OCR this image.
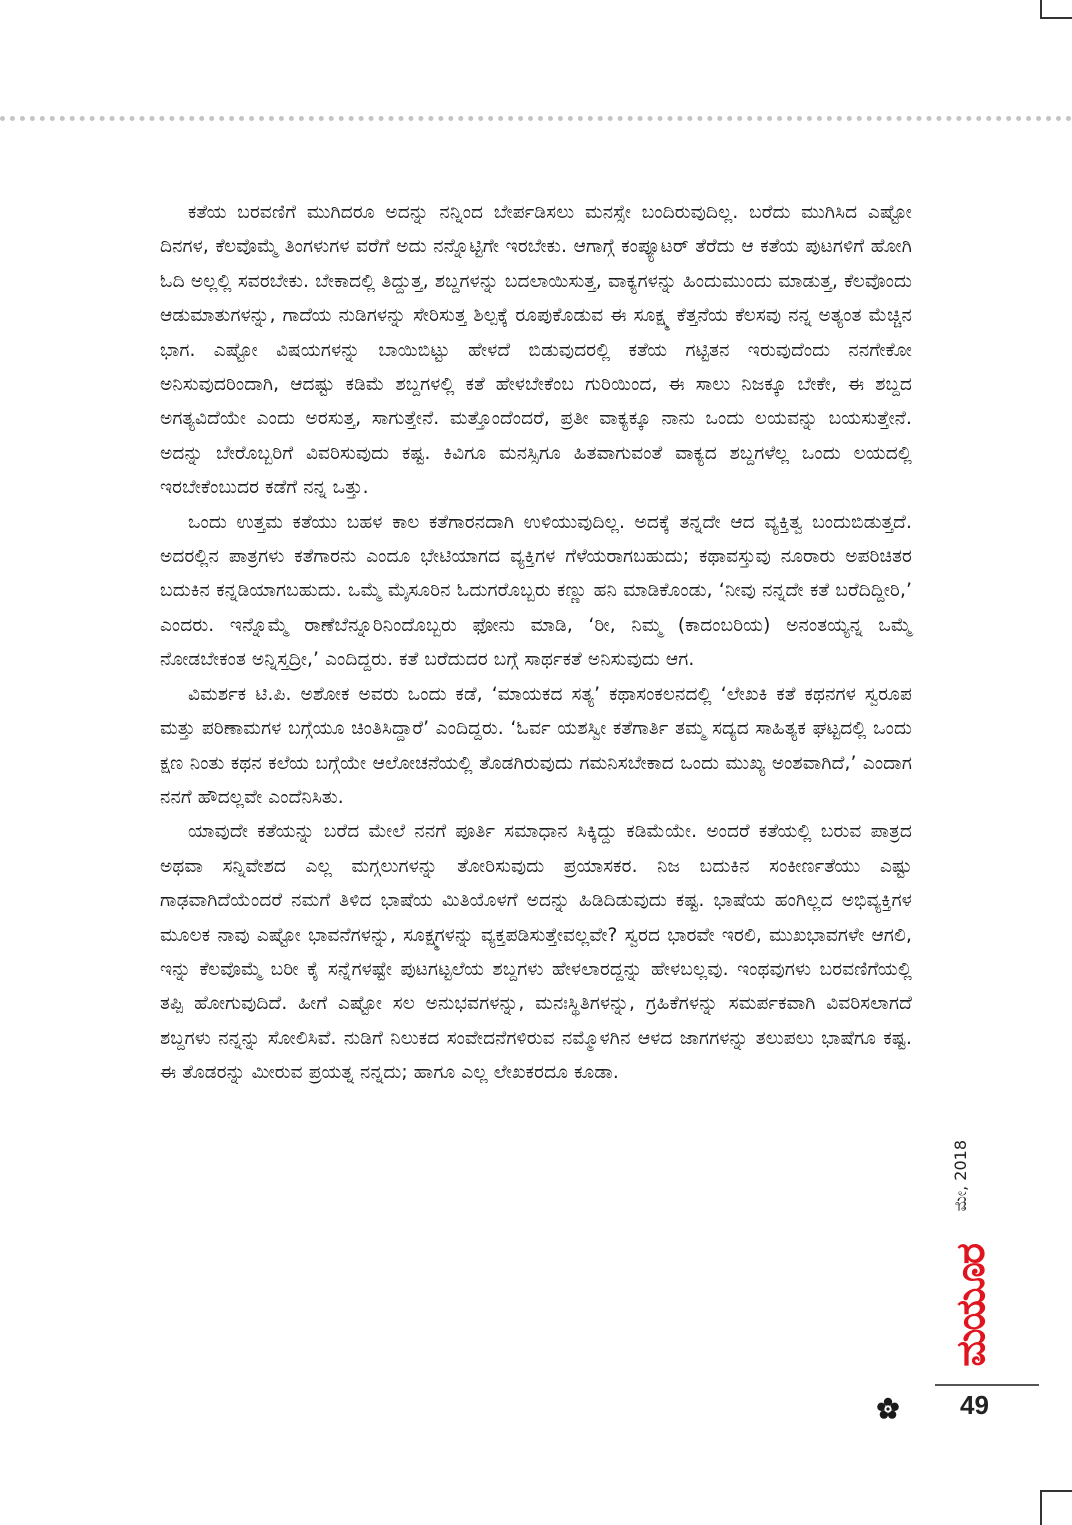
ಕತೆಯ ಬರವಣಿಗೆ ಮುಗಿದರೂ ಅದನ್ನು ನನ್ನಿಂದ ಬೇರ್ಪಡಿಸಲು ಮನಸ್ಸೇ ಬಂದಿರುವುದಿಲ್ಲ. ಬರೆದು ಮುಗಿಸಿದ ಎಷ್ಟೋ ದಿನಗಳ, ಕೆಲವೊಮ್ಮೆ ತಿಂಗಳುಗಳ ವರೆಗೆ ಅದು ನನ್ನೊಟ್ಟಿಗೇ ಇರಬೇಕು. ಆಗಾಗ್ಗೆ ಕಂಪ್ಯೂಟರ್ ತೆರೆದು ಆ ಕತೆಯ ಪುಟಗಳಿಗೆ ಹೋಗಿ ಓದಿ ಅಲ್ಲಲ್ಲಿ ಸವರಬೇಕು. ಬೇಕಾದಲ್ಲಿ ತಿದ್ದುತ್ತ, ಶಬ್ದಗಳನ್ನು ಬದಲಾಯಿಸುತ್ತ, ವಾಕ್ಯಗಳನ್ನು ಹಿಂದುಮುಂದು ಮಾಡುತ್ತ, ಕೆಲವೊಂದು ಆಡುಮಾತುಗಳನ್ನು, ಗಾದೆಯ ನುಡಿಗಳನ್ನು ಸೇರಿಸುತ್ತ ಶಿಲ್ಪಕ್ಕೆ ರೂಪುಕೊಡುವ ಈ ಸೂಕ್ಷ್ಮ ಕೆತ್ತನೆಯ ಕೆಲಸವು ನನ್ನ ಅತ್ಯಂತ ಮೆಚ್ಚಿನ ಭಾಗ. ಎಷ್ಟೋ ವಿಷಯಗಳನ್ನು ಬಾಯಿಬಿಟ್ಟು ಹೇಳದೆ ಬಿಡುವುದರಲ್ಲಿ ಕತೆಯ ಗಟ್ಟಿತನ ಇರುವುದೆಂದು ನನಗೇಕೋ ಅನಿಸುವುದರಿಂದಾಗಿ, ಆದಷ್ಟು ಕಡಿಮೆ ಶಬ್ದಗಳಲ್ಲಿ ಕತೆ ಹೇಳಬೇಕೆಂಬ ಗುರಿಯಿಂದ, ಈ ಸಾಲು ನಿಜಕ್ಕೂ ಬೇಕೇ, ಈ ಶಬ್ದದ ಅಗತ್ಯವಿದೆಯೇ ಎಂದು ಅರಸುತ್ತ, ಸಾಗುತ್ತೇನೆ. ಮತ್ತೊಂದೆಂದರೆ, ಪ್ರತೀ ವಾಕ್ಯಕ್ಕೂ ನಾನು ಒಂದು ಲಯವನ್ನು ಬಯಸುತ್ತೇನೆ. ಅದನ್ನು ಬೇರೊಬ್ಬರಿಗೆ ವಿವರಿಸುವುದು ಕಷ್ಟ. ಕಿವಿಗೂ ಮನಸ್ಸಿಗೂ ಹಿತವಾಗುವಂತೆ ವಾಕ್ಯದ ಶಬ್ದಗಳೆಲ್ಲ ಒಂದು ಲಯದಲ್ಲಿ ಇರಬೇಕೆಂಬುದರ ಕಡೆಗೆ ನನ್ನ ಒತ್ತು.

ಒಂದು ಉತ್ತಮ ಕತೆಯು ಬಹಳ ಕಾಲ ಕತೆಗಾರನದಾಗಿ ಉಳಿಯುವುದಿಲ್ಲ. ಅದಕ್ಕೆ ತನ್ನದೇ ಆದ ವ್ಯಕ್ತಿತ್ವ ಬಂದುಬಿಡುತ್ತದೆ. ಅದರಲ್ಲಿನ ಪಾತ್ರಗಳು ಕತೆಗಾರನು ಎಂದೂ ಭೇಟಿಯಾಗದ ವ್ಯಕ್ತಿಗಳ ಗೆಳೆಯರಾಗಬಹುದು; ಕಥಾವಸ್ತುವು ನೂರಾರು ಅಪರಿಚಿತರ ಬದುಕಿನ ಕನ್ನಡಿಯಾಗಬಹುದು. ಒಮ್ಮೆ ಮೈಸೂರಿನ ಓದುಗರೊಬ್ಬರು ಕಣ್ಣು ಹನಿ ಮಾಡಿಕೊಂಡು, ‘ನೀವು ನನ್ನದೇ ಕತೆ ಬರೆದಿದ್ದೀರಿ,’ ಎಂದರು. ಇನ್ನೊಮ್ಮೆ ರಾಣೆಬೆನ್ನೂರಿನಿಂದೊಬ್ಬರು ಫೋನು ಮಾಡಿ, ‘ರೀ, ನಿಮ್ಮ (ಕಾದಂಬರಿಯ) ಅನಂತಯ್ಯನ್ನ ಒಮ್ಮೆ ನೋಡಬೇಕಂತ ಅನ್ನಿಸ್ತದ್ರೀ,’ ಎಂದಿದ್ದರು. ಕತೆ ಬರೆದುದರ ಬಗ್ಗೆ ಸಾರ್ಥಕತೆ ಅನಿಸುವುದು ಆಗ.

ವಿಮರ್ಶಕ ಟಿ.ಪಿ. ಅಶೋಕ ಅವರು ಒಂದು ಕಡೆ, ‘ಮಾಯಕದ ಸತ್ಯ’ ಕಥಾಸಂಕಲನದಲ್ಲಿ ‘ಲೇಖಕಿ ಕತೆ ಕಥನಗಳ ಸ್ವರೂಪ ಮತ್ತು ಪರಿಣಾಮಗಳ ಬಗ್ಗೆಯೂ ಚಿಂತಿಸಿದ್ದಾರೆ’ ಎಂದಿದ್ದರು. ‘ಓರ್ವ ಯಶಸ್ವೀ ಕತೆಗಾರ್ತಿ ತಮ್ಮ ಸದ್ಯದ ಸಾಹಿತ್ಯಕ ಘಟ್ಟದಲ್ಲಿ ಒಂದು ಕ್ಷಣ ನಿಂತು ಕಥನ ಕಲೆಯ ಬಗ್ಗೆಯೇ ಆಲೋಚನೆಯಲ್ಲಿ ತೊಡಗಿರುವುದು ಗಮನಿಸಬೇಕಾದ ಒಂದು ಮುಖ್ಯ ಅಂಶವಾಗಿದೆ,’ ಎಂದಾಗ ನನಗೆ ಹೌದಲ್ಲವೇ ಎಂದೆನಿಸಿತು.

ಯಾವುದೇ ಕತೆಯನ್ನು ಬರೆದ ಮೇಲೆ ನನಗೆ ಪೂರ್ತಿ ಸಮಾಧಾನ ಸಿಕ್ಕಿದ್ದು ಕಡಿಮೆಯೇ. ಅಂದರೆ ಕತೆಯಲ್ಲಿ ಬರುವ ಪಾತ್ರದ ಅಥವಾ ಸನ್ನಿವೇಶದ ಎಲ್ಲ ಮಗ್ಗಲುಗಳನ್ನು ತೋರಿಸುವುದು ಪ್ರಯಾಸಕರ. ನಿಜ ಬದುಕಿನ ಸಂಕೀರ್ಣತೆಯು ಎಷ್ಟು ಗಾಢವಾಗಿದೆಯೆಂದರೆ ನಮಗೆ ತಿಳಿದ ಭಾಷೆಯ ಮಿತಿಯೊಳಗೆ ಅದನ್ನು ಹಿಡಿದಿಡುವುದು ಕಷ್ಟ. ಭಾಷೆಯ ಹಂಗಿಲ್ಲದ ಅಭಿವ್ಯಕ್ತಿಗಳ ಮೂಲಕ ನಾವು ಎಷ್ಟೋ ಭಾವನೆಗಳನ್ನು, ಸೂಕ್ಷ್ಮಗಳನ್ನು ವ್ಯಕ್ತಪಡಿಸುತ್ತೇವಲ್ಲವೇ? ಸ್ವರದ ಭಾರವೇ ಇರಲಿ, ಮುಖಭಾವಗಳೇ ಆಗಲಿ, ಇನ್ನು ಕೆಲವೊಮ್ಮೆ ಬರೀ ಕೈ ಸನ್ನೆಗಳಷ್ಟೇ ಪುಟಗಟ್ಟಲೆಯ ಶಬ್ದಗಳು ಹೇಳಲಾರದ್ದನ್ನು ಹೇಳಬಲ್ಲವು. ಇಂಥವುಗಳು ಬರವಣಿಗೆಯಲ್ಲಿ ತಪ್ಪಿ ಹೋಗುವುದಿದೆ. ಹೀಗೆ ಎಷ್ಟೋ ಸಲ ಅನುಭವಗಳನ್ನು, ಮನಃಸ್ಥಿತಿಗಳನ್ನು, ಗ್ರಹಿಕೆಗಳನ್ನು ಸಮರ್ಪಕವಾಗಿ ವಿವರಿಸಲಾಗದೆ ಶಬ್ದಗಳು ನನ್ನನ್ನು ಸೋಲಿಸಿವೆ. ನುಡಿಗೆ ನಿಲುಕದ ಸಂವೇದನೆಗಳಿರುವ ನಮ್ಮೊಳಗಿನ ಆಳದ ಜಾಗಗಳನ್ನು ತಲುಪಲು ಭಾಷೆಗೂ ಕಷ್ಟ. ಈ ತೊಡರನ್ನು ಮೀರುವ ಪ್ರಯತ್ನ ನನ್ನದು; ಹಾಗೂ ಎಲ್ಲ ಲೇಖಕರದೂ ಕೂಡಾ.

ಮೇ, 2018
ಮಯೂರ
49
